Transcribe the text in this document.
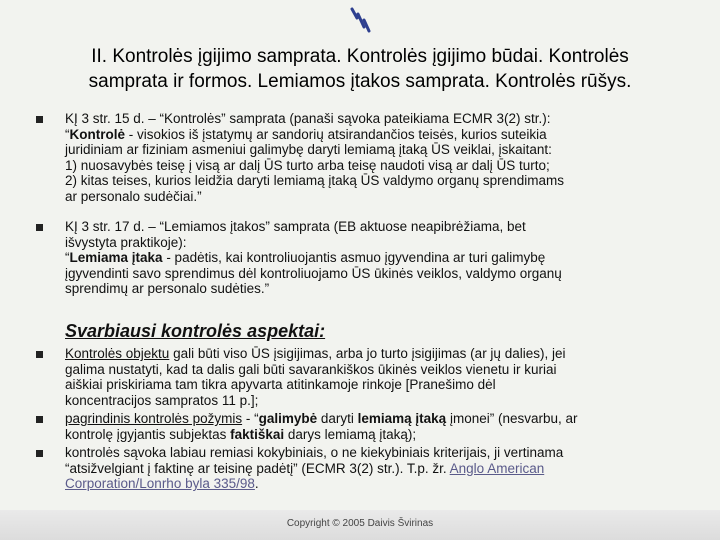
II. Kontrolės įgijimo samprata. Kontrolės įgijimo būdai. Kontrolės
samprata ir formos. Lemiamos įtakos samprata. Kontrolės rūšys.

KĮ 3 str. 15 d. – “Kontrolės” samprata (panaši sąvoka pateikiama ECMR 3(2) str.):

“Kontrolė - visokios iš įstatymų ar sandorių atsirandančios teisės, kurios suteikia

juridiniam ar fiziniam asmeniui galimybę daryti lemiamą įtaką ŪS veiklai, įskaitant:

1) nuosavybės teisę į visą ar dalį ŪS turto arba teisę naudoti visą ar dalį ŪS turto;

2) kitas teises, kurios leidžia daryti lemiamą įtaką ŪS valdymo organų sprendimams

ar personalo sudėčiai.”

KĮ 3 str. 17 d. – “Lemiamos įtakos” samprata (EB aktuose neapibrėžiama, bet

išvystyta praktikoje):

“Lemiama įtaka - padėtis, kai kontroliuojantis asmuo įgyvendina ar turi galimybę

įgyvendinti savo sprendimus dėl kontroliuojamo ŪS ūkinės veiklos, valdymo organų

sprendimų ar personalo sudėties.”

Svarbiausi kontrolės aspektai:

Kontrolės objektu gali būti viso ŪS įsigijimas, arba jo turto įsigijimas (ar jų dalies), jei

galima nustatyti, kad ta dalis gali būti savarankiškos ūkinės veiklos vienetu ir kuriai

aiškiai priskiriama tam tikra apyvarta atitinkamoje rinkoje [Pranešimo dėl

koncentracijos sampratos 11 p.];

pagrindinis kontrolės požymis - “galimybė daryti lemiamą įtaką įmonei” (nesvarbu, ar

kontrolę įgyjantis subjektas faktiškai darys lemiamą įtaką);

kontrolės sąvoka labiau remiasi kokybiniais, o ne kiekybiniais kriterijais, ji vertinama

“atsižvelgiant į faktinę ar teisinę padėtį” (ECMR 3(2) str.). T.p. žr. Anglo American

Corporation/Lonrho byla 335/98.

Copyright © 2005 Daivis Švirinas
